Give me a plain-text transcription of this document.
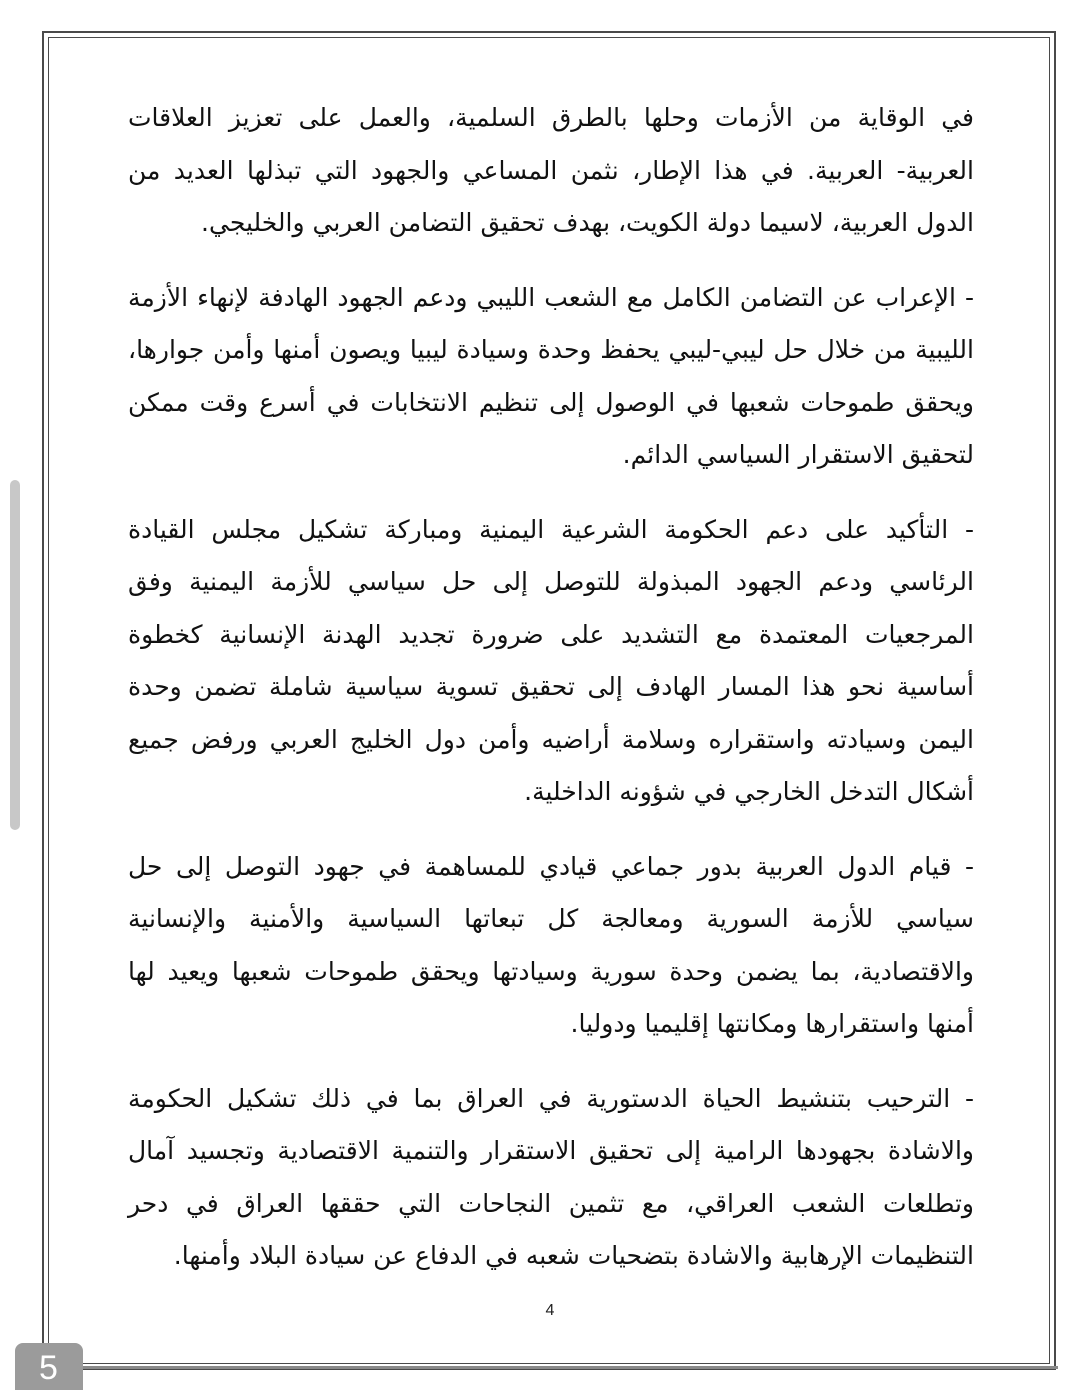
في الوقاية من الأزمات وحلها بالطرق السلمية، والعمل على تعزيز العلاقات العربية- العربية. في هذا الإطار، نثمن المساعي والجهود التي تبذلها العديد من الدول العربية، لاسيما دولة الكويت، بهدف تحقيق التضامن العربي والخليجي.

- الإعراب عن التضامن الكامل مع الشعب الليبي ودعم الجهود الهادفة لإنهاء الأزمة الليبية من خلال حل ليبي-ليبي يحفظ وحدة وسيادة ليبيا ويصون أمنها وأمن جوارها، ويحقق طموحات شعبها في الوصول إلى تنظيم الانتخابات في أسرع وقت ممكن لتحقيق الاستقرار السياسي الدائم.

- التأكيد على دعم الحكومة الشرعية اليمنية ومباركة تشكيل مجلس القيادة الرئاسي ودعم الجهود المبذولة للتوصل إلى حل سياسي للأزمة اليمنية وفق المرجعيات المعتمدة مع التشديد على ضرورة تجديد الهدنة الإنسانية كخطوة أساسية نحو هذا المسار الهادف إلى تحقيق تسوية سياسية شاملة تضمن وحدة اليمن وسيادته واستقراره وسلامة أراضيه وأمن دول الخليج العربي ورفض جميع أشكال التدخل الخارجي في شؤونه الداخلية.

- قيام الدول العربية بدور جماعي قيادي للمساهمة في جهود التوصل إلى حل سياسي للأزمة السورية ومعالجة كل تبعاتها السياسية والأمنية والإنسانية والاقتصادية، بما يضمن وحدة سورية وسيادتها ويحقق طموحات شعبها ويعيد لها أمنها واستقرارها ومكانتها إقليميا ودوليا.

- الترحيب بتنشيط الحياة الدستورية في العراق بما في ذلك تشكيل الحكومة والاشادة بجهودها الرامية إلى تحقيق الاستقرار والتنمية الاقتصادية وتجسيد آمال وتطلعات الشعب العراقي، مع تثمين النجاحات التي حققها العراق في دحر التنظيمات الإرهابية والاشادة بتضحيات شعبه في الدفاع عن سيادة البلاد وأمنها.

4
5
